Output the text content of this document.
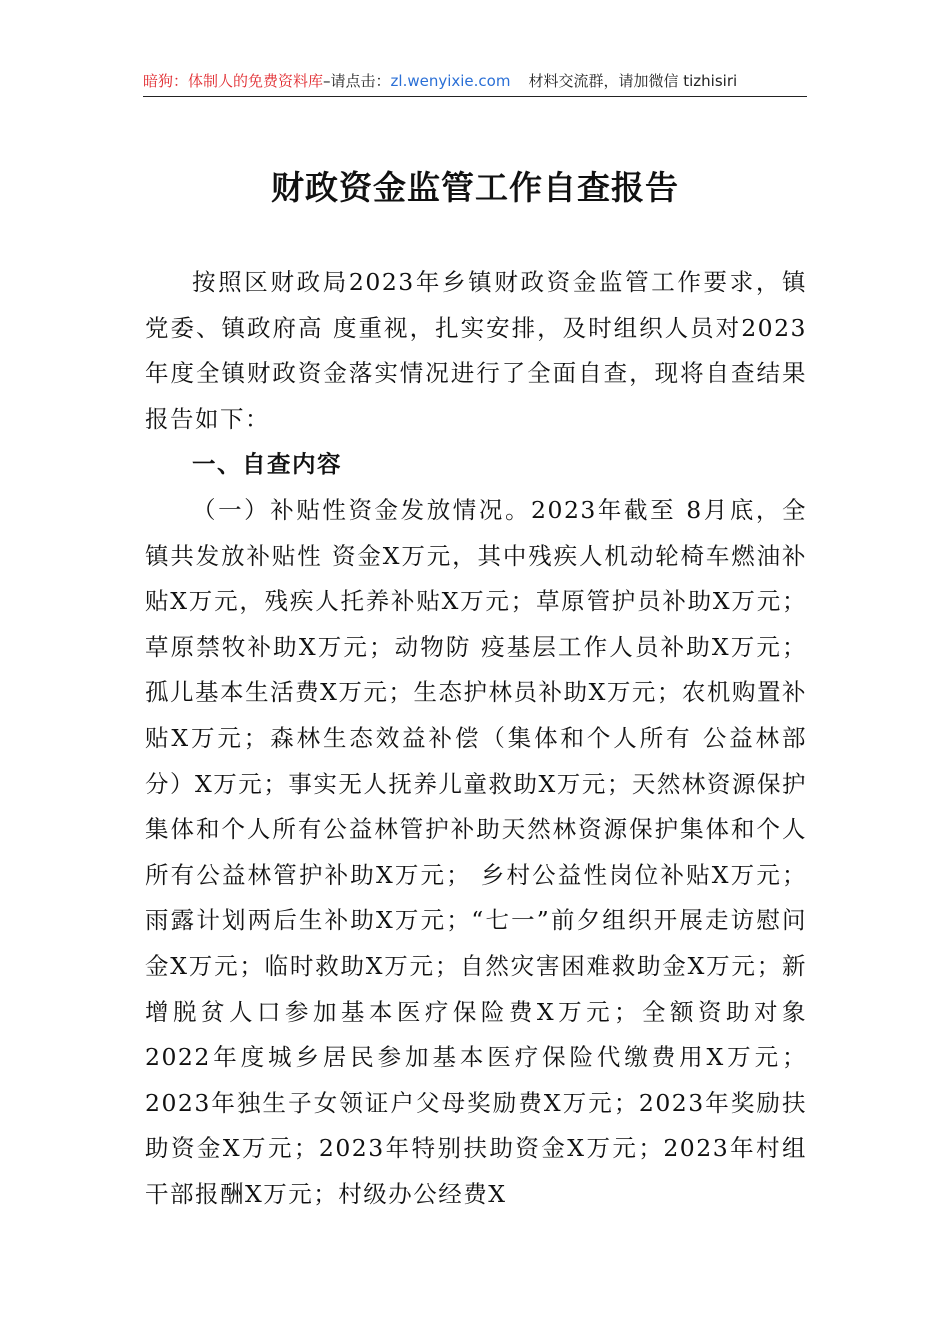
暗狗：体制人的免费资料库–请点击：zl.wenyixie.com 材料交流群，请加微信 tizhisiri
财政资金监管工作自查报告

按照区财政局2023年乡镇财政资金监管工作要求，镇党委、镇政府高 度重视，扎实安排，及时组织人员对2023年度全镇财政资金落实情况进行了全面自查，现将自查结果报告如下：

一、自查内容

（一）补贴性资金发放情况。2023年截至 8月底，全镇共发放补贴性 资金X万元，其中残疾人机动轮椅车燃油补贴X万元，残疾人托养补贴X万元；草原管护员补助X万元；草原禁牧补助X万元；动物防 疫基层工作人员补助X万元；孤儿基本生活费X万元；生态护林员补助X万元；农机购置补贴X万元；森林生态效益补偿（集体和个人所有 公益林部分）X万元；事实无人抚养儿童救助X万元；天然林资源保护集体和个人所有公益林管护补助天然林资源保护集体和个人所有公益林管护补助X万元； 乡村公益性岗位补贴X万元；雨露计划两后生补助X万元；“七一”前夕组织开展走访慰问金X万元；临时救助X万元；自然灾害困难救助金X万元；新增脱贫人口参加基本医疗保险费X万元；全额资助对象 2022年度城乡居民参加基本医疗保险代缴费用X万元；2023年独生子女领证户父母奖励费X万元；2023年奖励扶助资金X万元；2023年特别扶助资金X万元；2023年村组干部报酬X万元；村级办公经费X
